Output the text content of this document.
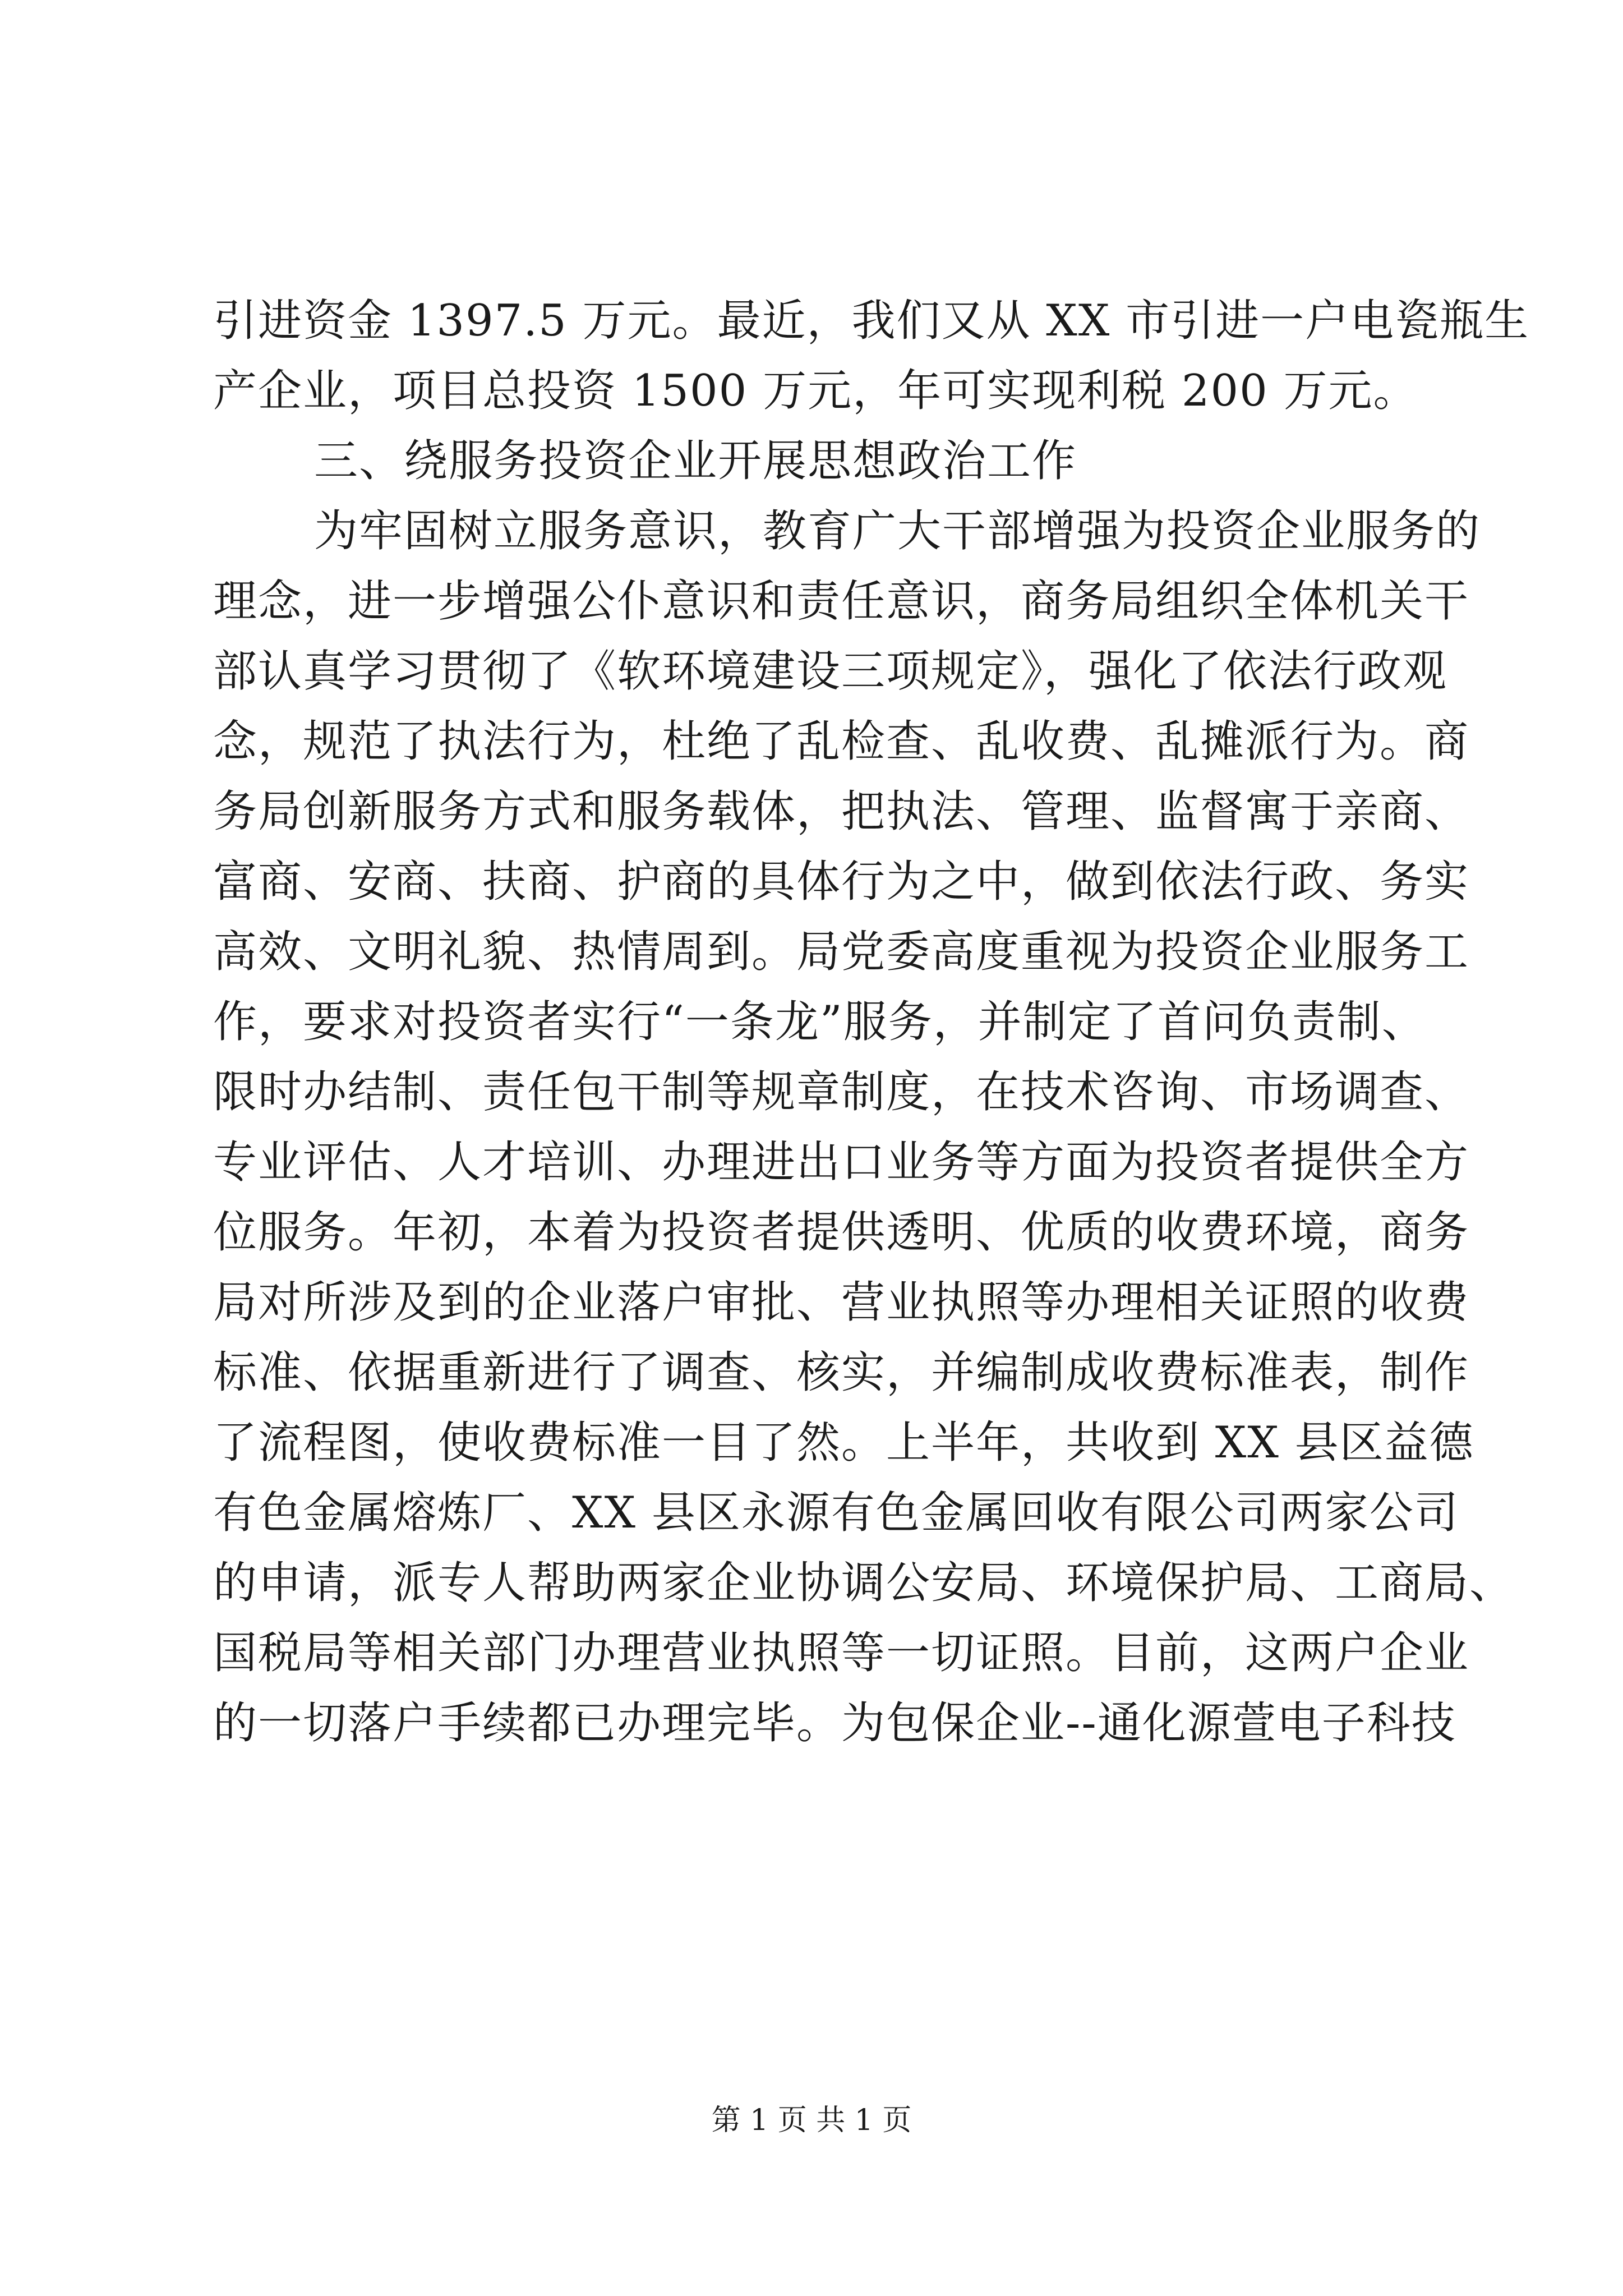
引进资金 1397.5 万元。最近，我们又从 XX 市引进一户电瓷瓶生
产企业，项目总投资 1500 万元，年可实现利税 200 万元。
三、绕服务投资企业开展思想政治工作
为牢固树立服务意识，教育广大干部增强为投资企业服务的
理念，进一步增强公仆意识和责任意识，商务局组织全体机关干
部认真学习贯彻了《软环境建设三项规定》，强化了依法行政观
念，规范了执法行为，杜绝了乱检查、乱收费、乱摊派行为。商
务局创新服务方式和服务载体，把执法、管理、监督寓于亲商、
富商、安商、扶商、护商的具体行为之中，做到依法行政、务实
高效、文明礼貌、热情周到。局党委高度重视为投资企业服务工
作，要求对投资者实行“一条龙”服务，并制定了首问负责制、
限时办结制、责任包干制等规章制度，在技术咨询、市场调查、
专业评估、人才培训、办理进出口业务等方面为投资者提供全方
位服务。年初，本着为投资者提供透明、优质的收费环境，商务
局对所涉及到的企业落户审批、营业执照等办理相关证照的收费
标准、依据重新进行了调查、核实，并编制成收费标准表，制作
了流程图，使收费标准一目了然。上半年，共收到 XX 县区益德
有色金属熔炼厂、XX 县区永源有色金属回收有限公司两家公司
的申请，派专人帮助两家企业协调公安局、环境保护局、工商局、
国税局等相关部门办理营业执照等一切证照。目前，这两户企业
的一切落户手续都已办理完毕。为包保企业--通化源萱电子科技
第 1 页 共 1 页
